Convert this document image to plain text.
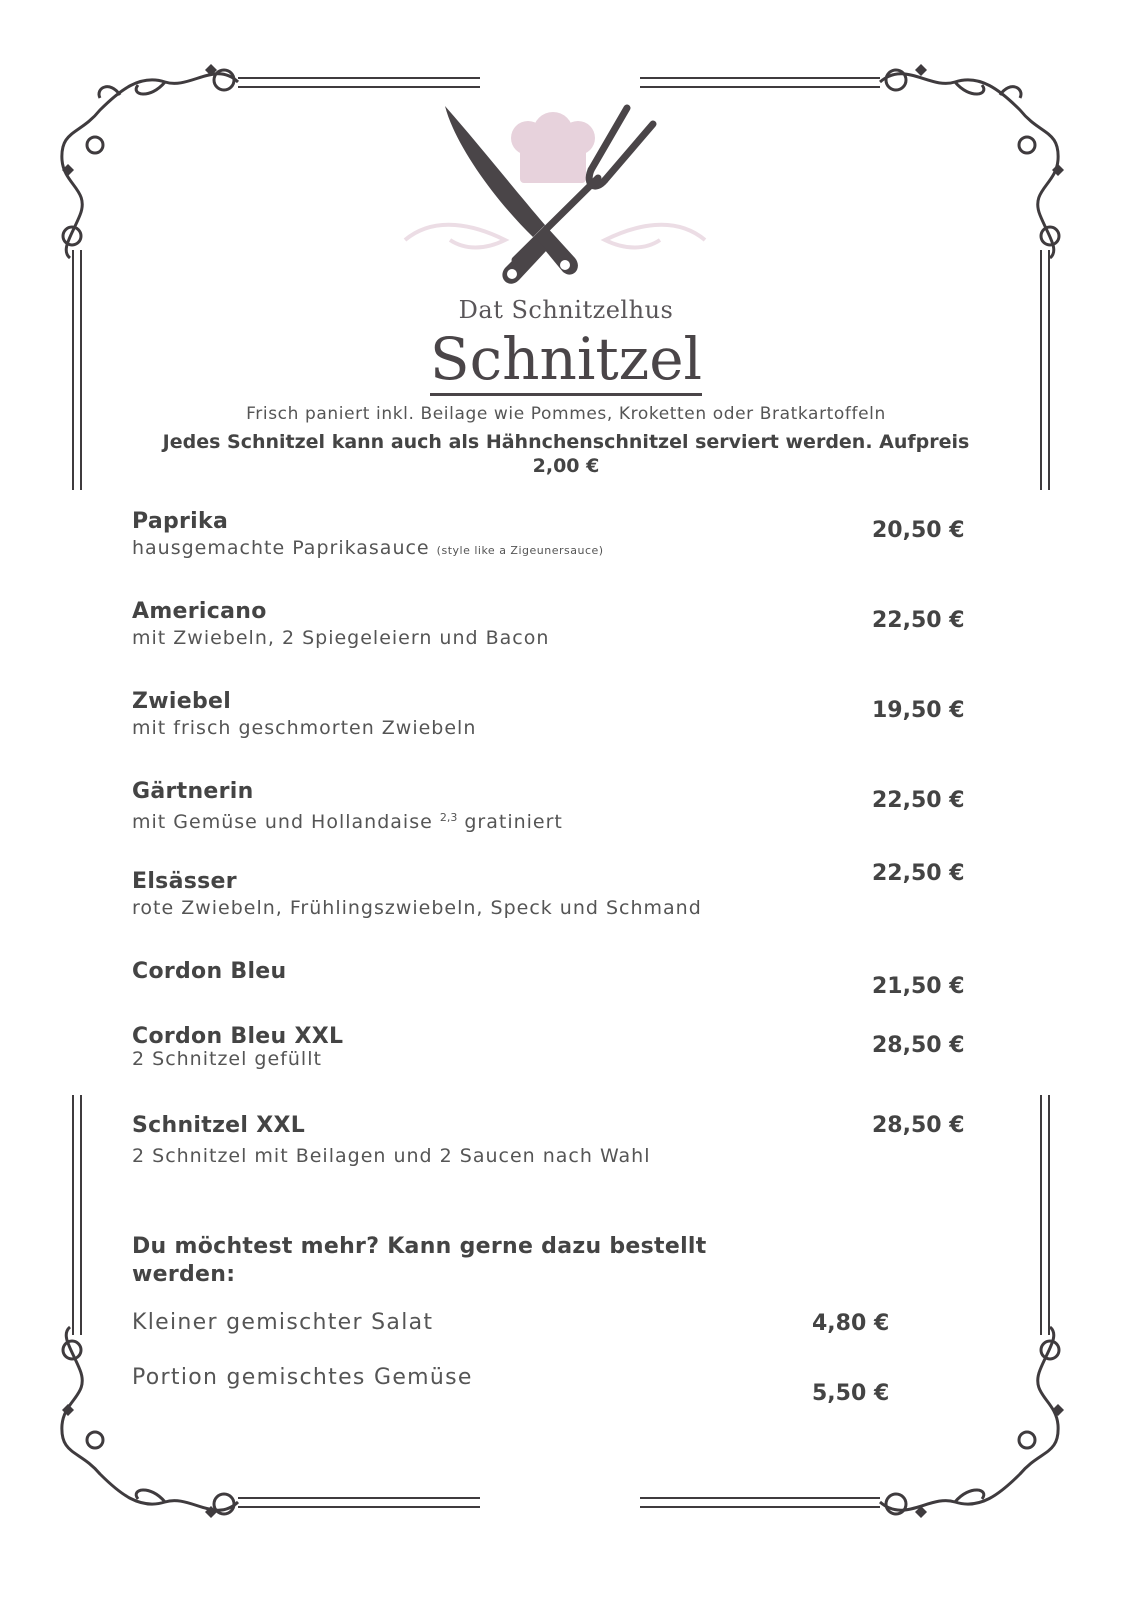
Dat Schnitzelhus
Schnitzel
Frisch paniert inkl. Beilage wie Pommes, Kroketten oder Bratkartoffeln
Jedes Schnitzel kann auch als Hähnchenschnitzel serviert werden. Aufpreis
2,00 €
Paprika
hausgemachte Paprikasauce (style like a Zigeunersauce)
20,50 €
Americano
mit Zwiebeln, 2 Spiegeleiern und Bacon
22,50 €
Zwiebel
mit frisch geschmorten Zwiebeln
19,50 €
Gärtnerin
mit Gemüse und Hollandaise $^{2,3}$ gratiniert
22,50 €
Elsässer
rote Zwiebeln, Frühlingszwiebeln, Speck und Schmand
22,50 €
Cordon Bleu
21,50 €
Cordon Bleu XXL
2 Schnitzel gefüllt
28,50 €
Schnitzel XXL
2 Schnitzel mit Beilagen und 2 Saucen nach Wahl
28,50 €
Du möchtest mehr? Kann gerne dazu bestellt
werden:
Kleiner gemischter Salat	4,80 €
Portion gemischtes Gemüse
5,50 €
